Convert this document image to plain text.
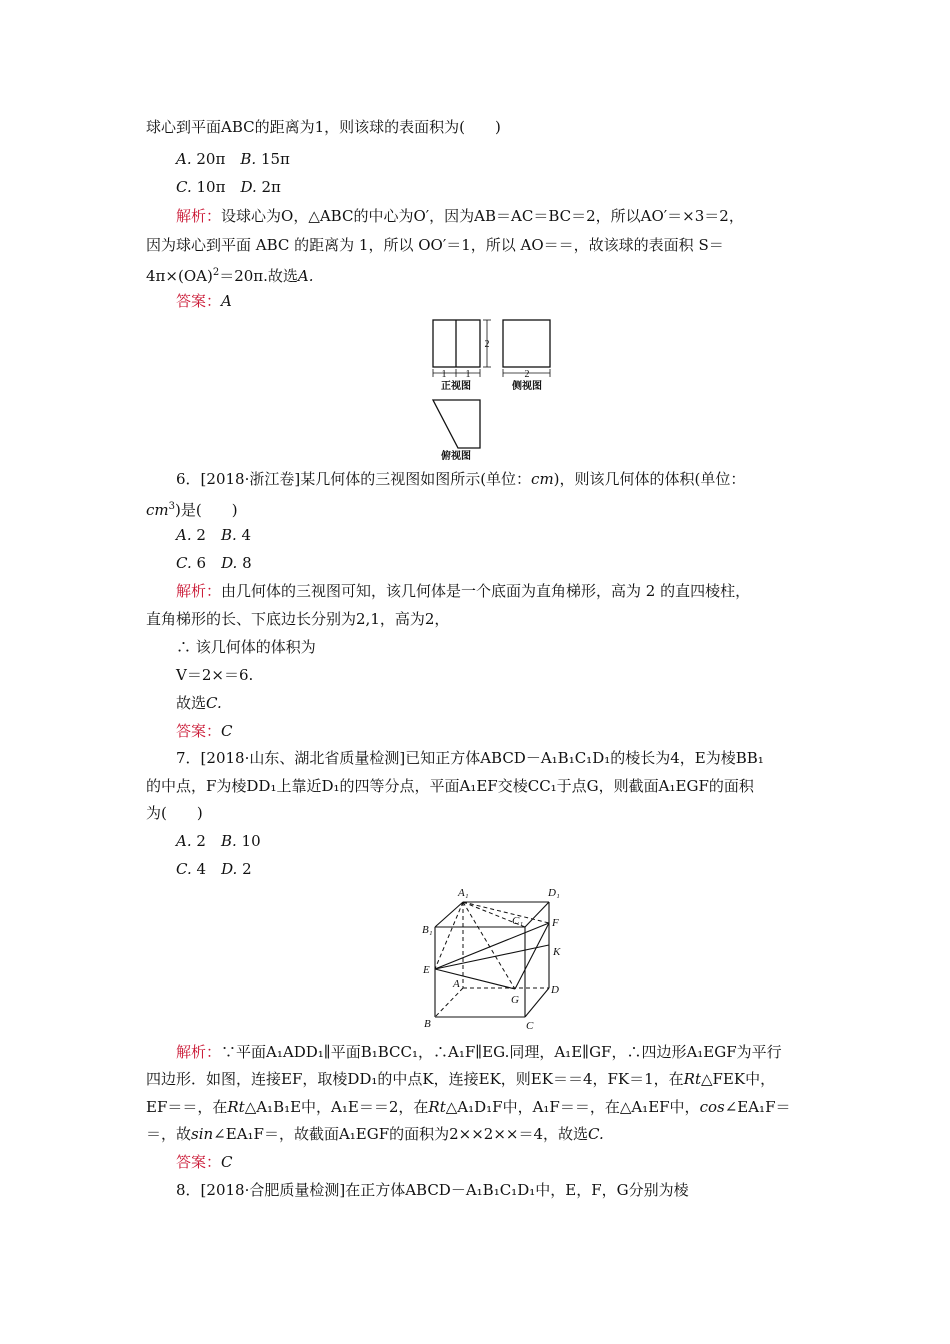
球心到平面ABC的距离为1，则该球的表面积为(　　)
A. 20π　 B. 15π
C. 10π　 D. 2π
解析：设球心为O，△ABC的中心为O′，因为AB＝AC＝BC＝2，所以AO′＝×3＝2，
因为球心到平面 ABC 的距离为 1，所以 OO′＝1，所以 AO＝＝，故该球的表面积 S＝
4π×(OA)$^2$＝20π.故选A.
答案：A
1 1	2
2
正视图	侧视图
俯视图
6．[2018·浙江卷]某几何体的三视图如图所示(单位：cm)，则该几何体的体积(单位：
$cm^3$)是(　　)
A. 2　 B. 4
C. 6　 D. 8
解析：由几何体的三视图可知，该几何体是一个底面为直角梯形，高为 2 的直四棱柱，
直角梯形的长、下底边长分别为2,1，高为2，
∴ 该几何体的体积为
V＝2×＝6.
故选C.
答案：C
7．[2018·山东、湖北省质量检测]已知正方体ABCD－A₁B₁C₁D₁的棱长为4，E为棱BB₁
的中点，F为棱DD₁上靠近D₁的四等分点，平面A₁EF交棱CC₁于点G，则截面A₁EGF的面积
为(　　)
A. 2　 B. 10
C. 4　 D. 2
A₁	D₁
B₁
C₁	F
K
E
A	D
G
B	C
解析：∵平面A₁ADD₁∥平面B₁BCC₁，∴A₁F∥EG.同理，A₁E∥GF，∴四边形A₁EGF为平行
四边形．如图，连接EF，取棱DD₁的中点K，连接EK，则EK＝＝4，FK＝1，在Rt△FEK中，
EF＝＝，在Rt△A₁B₁E中，A₁E＝＝2，在Rt△A₁D₁F中，A₁F＝＝，在△A₁EF中，cos∠EA₁F＝
＝，故sin∠EA₁F＝，故截面A₁EGF的面积为2××2××＝4，故选C.
答案：C
8．[2018·合肥质量检测]在正方体ABCD－A₁B₁C₁D₁中，E，F，G分别为棱
